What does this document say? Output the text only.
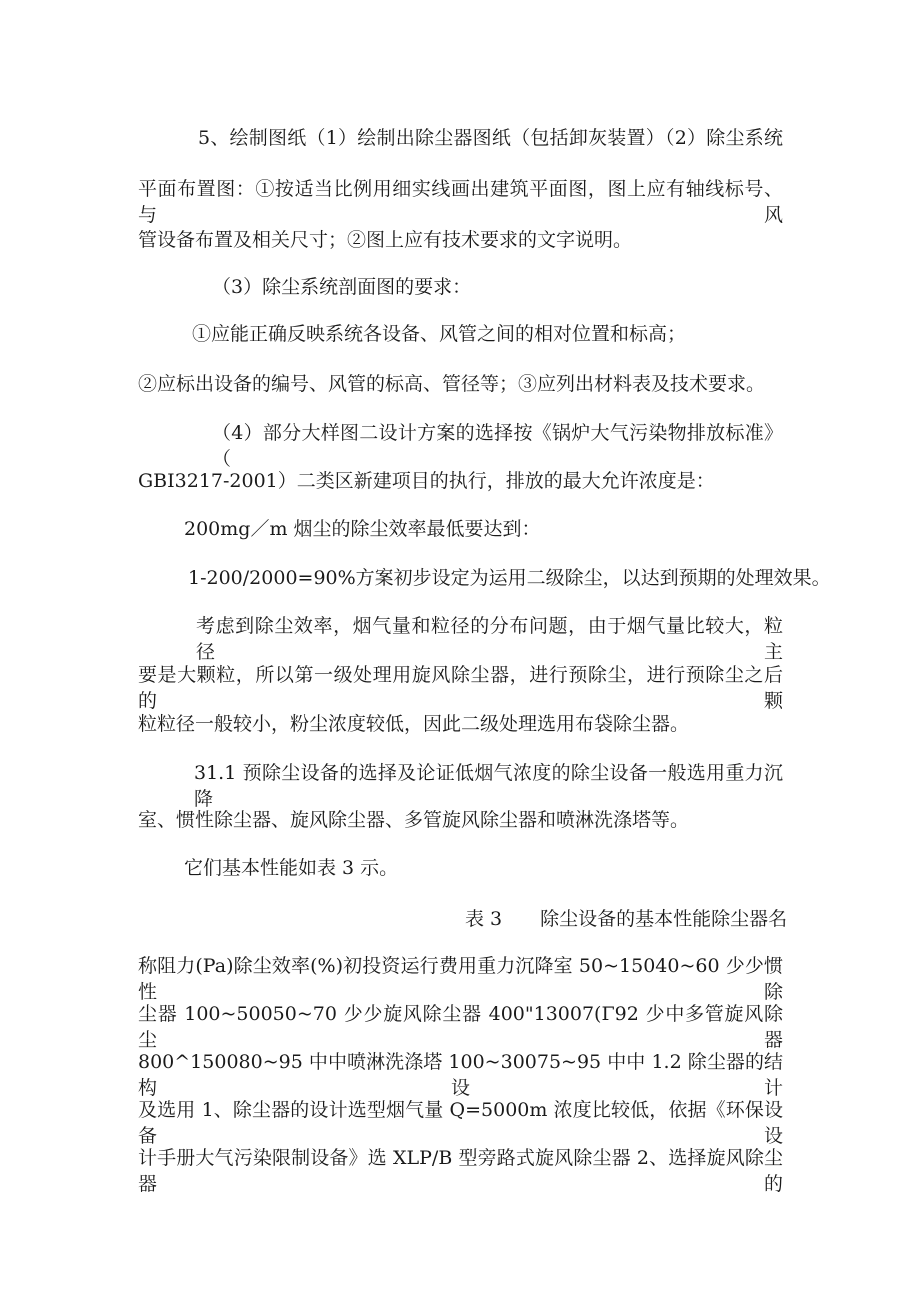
5、绘制图纸（1）绘制出除尘器图纸（包括卸灰装置）（2）除尘系统
平面布置图：①按适当比例用细实线画出建筑平面图，图上应有轴线标号、与风
管设备布置及相关尺寸；②图上应有技术要求的文字说明。
（3）除尘系统剖面图的要求：
①应能正确反映系统各设备、风管之间的相对位置和标高；
②应标出设备的编号、风管的标高、管径等；③应列出材料表及技术要求。
（4）部分大样图二设计方案的选择按《锅炉大气污染物排放标准》（
GBI3217-2001）二类区新建项目的执行，排放的最大允许浓度是：
200mg／m 烟尘的除尘效率最低要达到：
1-200/2000=90%方案初步设定为运用二级除尘，以达到预期的处理效果。
考虑到除尘效率，烟气量和粒径的分布问题，由于烟气量比较大，粒径主
要是大颗粒，所以第一级处理用旋风除尘器，进行预除尘，进行预除尘之后的颗
粒粒径一般较小，粉尘浓度较低，因此二级处理选用布袋除尘器。
31.1 预除尘设备的选择及论证低烟气浓度的除尘设备一般选用重力沉降
室、惯性除尘器、旋风除尘器、多管旋风除尘器和喷淋洗涤塔等。
它们基本性能如表 3 示。
表 3　　除尘设备的基本性能除尘器名
称阻力(Pa)除尘效率(%)初投资运行费用重力沉降室 50~15040~60 少少惯性除
尘器 100~50050~70 少少旋风除尘器 400"13007(Γ92 少中多管旋风除尘器
800^150080~95 中中喷淋洗涤塔 100~30075~95 中中 1.2 除尘器的结构设计
及选用 1、除尘器的设计选型烟气量 Q=5000m 浓度比较低，依据《环保设备设
计手册大气污染限制设备》选 XLP/B 型旁路式旋风除尘器 2、选择旋风除尘器的
